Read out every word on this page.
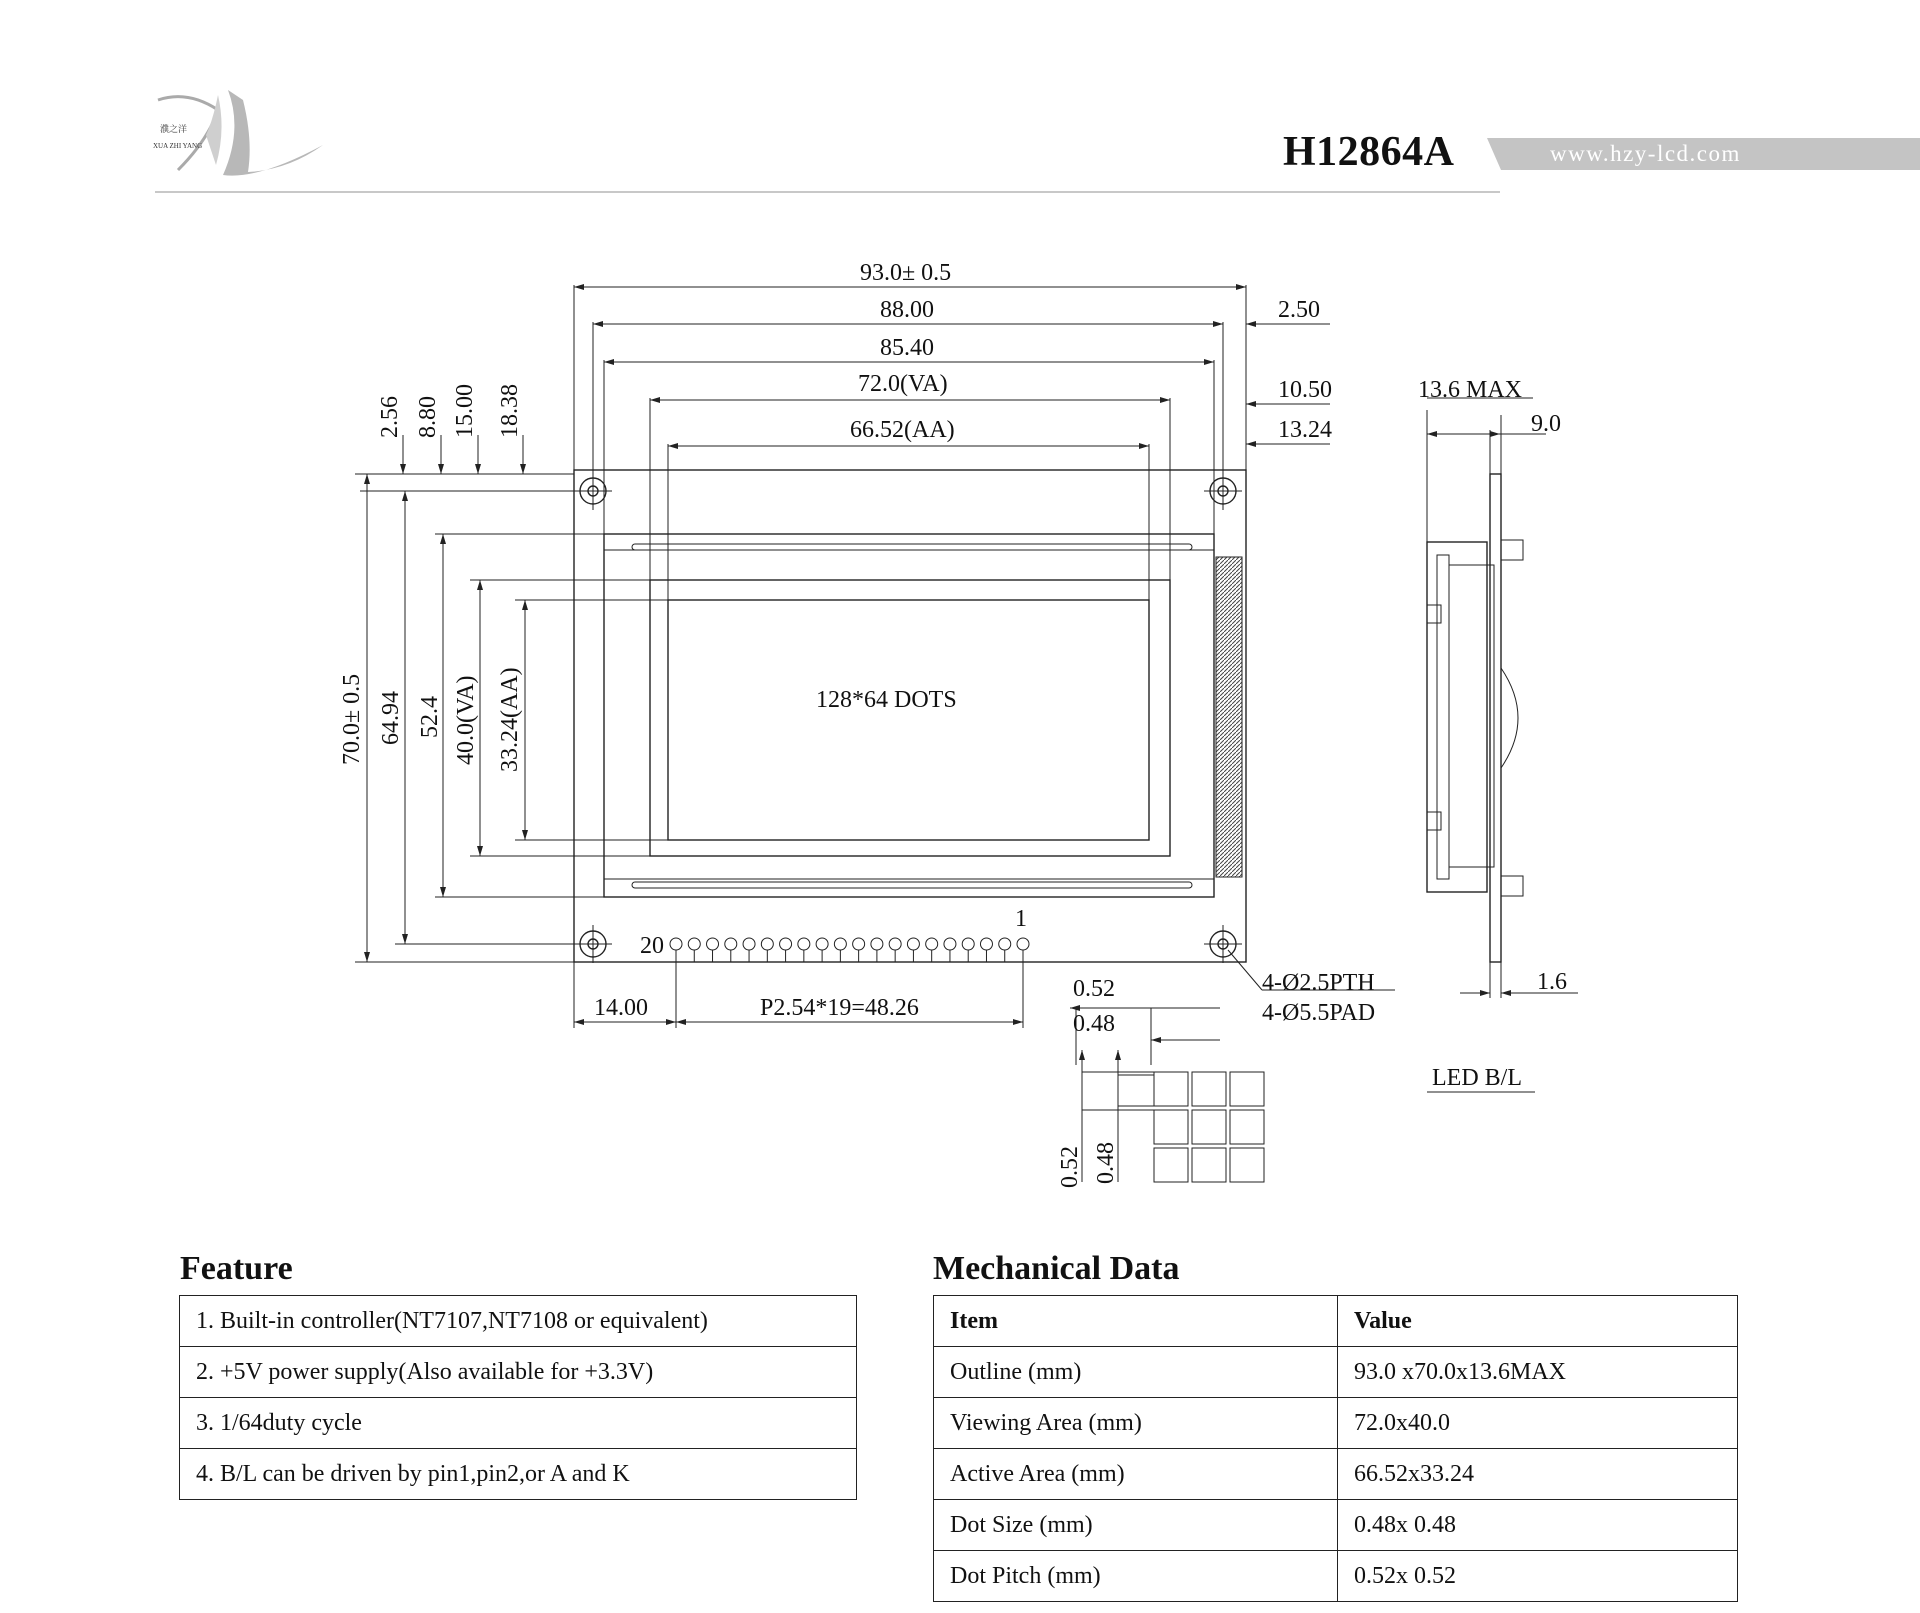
濮之洋
XUA ZHI YANG	H12864A	www.hzy-lcd.com
128*64 DOTS
20
1
93.0± 0.5
88.00
85.40
72.0(VA)
66.52(AA)
2.50
10.50
13.24
70.0± 0.5 64.94 52.4 40.0(VA) 33.24(AA)
2.56 8.80 15.00 18.38
14.00	P2.54*19=48.26
4-Ø2.5PTH
4-Ø5.5PAD
0.52
0.48
0.52 0.48
13.6 MAX
9.0
1.6
LED B/L
Feature
1. Built-in controller(NT7107,NT7108 or equivalent)
2. +5V power supply(Also available for +3.3V)
3. 1/64duty cycle
4. B/L can be driven by pin1,pin2,or A and K
Mechanical Data
Item	Value
Outline (mm)	93.0 x70.0x13.6MAX
Viewing Area (mm)	72.0x40.0
Active Area (mm)	66.52x33.24
Dot Size (mm)	0.48x 0.48
Dot Pitch (mm)	0.52x 0.52
